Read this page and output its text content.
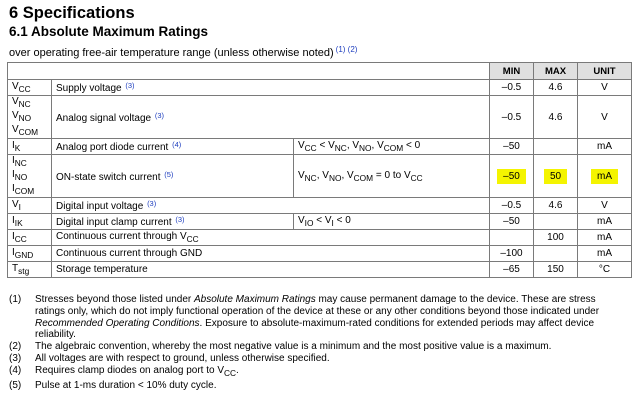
6 Specifications
6.1 Absolute Maximum Ratings
over operating free-air temperature range (unless otherwise noted) $^{(1) (2)}$
			MIN	MAX	UNIT
$V_{CC}$	Supply voltage $^{(3)}$		–0.5	4.6	V
$V_{NC}$
$V_{NO}$
$V_{COM}$	Analog signal voltage $^{(3)}$		–0.5	4.6	V
$I_K$	Analog port diode current $^{(4)}$	$V_{CC} < V_{NC}$, $V_{NO}$, $V_{COM} < 0$	–50		mA
$I_{NC}$
$I_{NO}$
$I_{COM}$	ON-state switch current $^{(5)}$	$V_{NC}$, $V_{NO}$, $V_{COM} = 0$ to $V_{CC}$	–50	50	mA
$V_I$	Digital input voltage $^{(3)}$		–0.5	4.6	V
$I_{IK}$	Digital input clamp current $^{(3)}$	$V_{IO} < V_I < 0$	–50		mA
$I_{CC}$	Continuous current through $V_{CC}$			100	mA
$I_{GND}$	Continuous current through GND		–100		mA
$T_{stg}$	Storage temperature		–65	150	°C
(1)	Stresses beyond those listed under Absolute Maximum Ratings may cause permanent damage to the device. These are stress ratings only, which do not imply functional operation of the device at these or any other conditions beyond those indicated under Recommended Operating Conditions. Exposure to absolute-maximum-rated conditions for extended periods may affect device reliability.
(2)	The algebraic convention, whereby the most negative value is a minimum and the most positive value is a maximum.
(3)	All voltages are with respect to ground, unless otherwise specified.
(4)	Requires clamp diodes on analog port to $V_{CC}$.
(5)	Pulse at 1-ms duration < 10% duty cycle.
